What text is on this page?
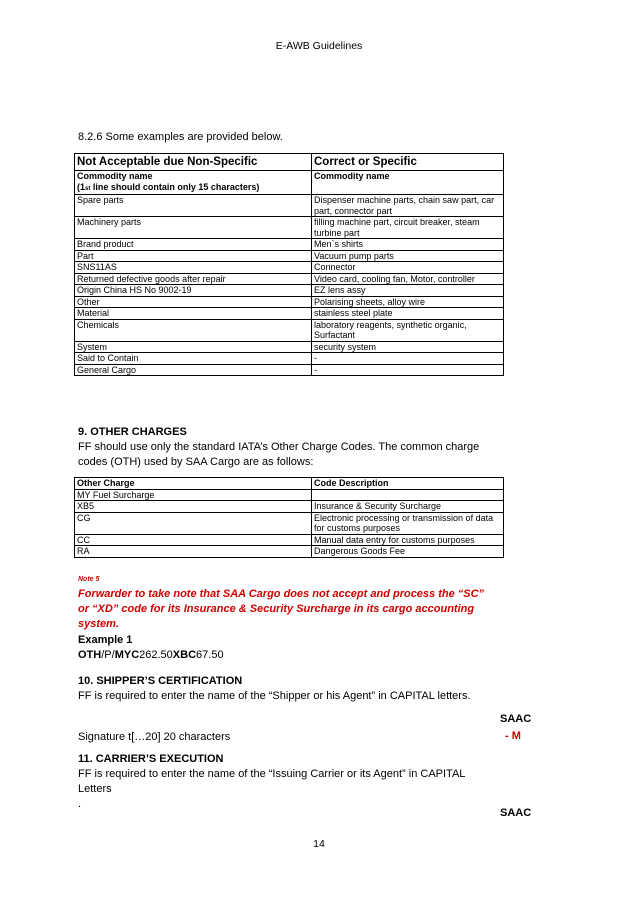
E-AWB Guidelines
8.2.6 Some examples are provided below.
Not Acceptable due Non-Specific	Correct or Specific
Commodity name
(1st line should contain only 15 characters)	Commodity name
Spare parts	Dispenser machine parts, chain saw part, car part, connector part
Machinery parts	filling machine part, circuit breaker, steam turbine part
Brand product	Men`s shirts
Part	Vacuum pump parts
SNS11AS	Connector
Returned defective goods after repair	Video card, cooling fan, Motor, controller
Origin China HS No 9002-19	EZ lens assy
Other	Polarising sheets, alloy wire
Material	stainless steel plate
Chemicals	laboratory reagents, synthetic organic, Surfactant
System	security system
Said to Contain	-
General Cargo	-
9. OTHER CHARGES
FF should use only the standard IATA’s Other Charge Codes. The common charge codes (OTH) used by SAA Cargo are as follows:
Other Charge	Code Description
MY Fuel Surcharge	
XB5	Insurance & Security Surcharge
CG	Electronic processing or transmission of data for customs purposes
CC	Manual data entry for customs purposes
RA	Dangerous Goods Fee
Note 5
Forwarder to take note that SAA Cargo does not accept and process the “SC” or “XD” code for its Insurance & Security Surcharge in its cargo accounting system.
Example 1
OTH/P/MYC262.50XBC67.50
10. SHIPPER’S CERTIFICATION
FF is required to enter the name of the “Shipper or his Agent” in CAPITAL letters.
SAAC
Signature t[…20] 20 characters	- M
11. CARRIER’S EXECUTION
FF is required to enter the name of the “Issuing Carrier or its Agent” in CAPITAL Letters
.
SAAC
14
